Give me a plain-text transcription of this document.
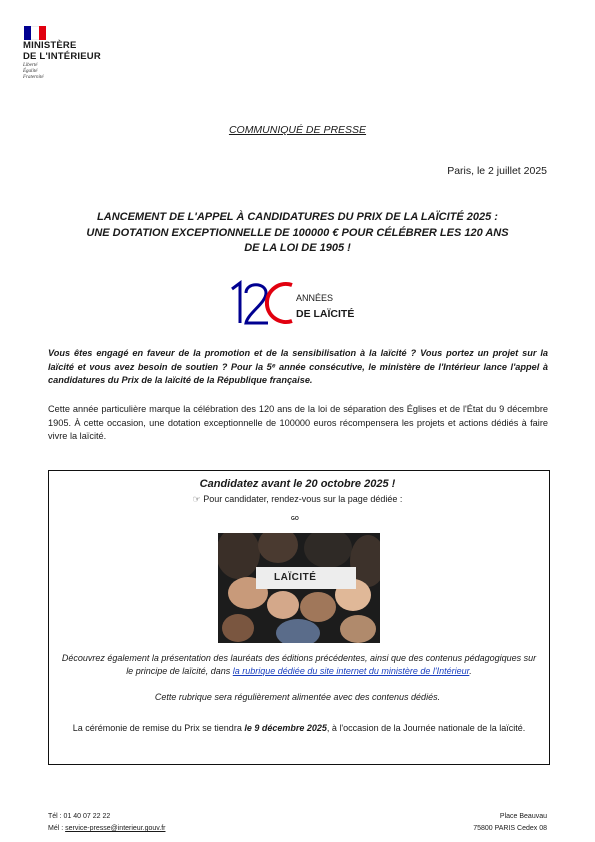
MINISTÈRE
DE L'INTÉRIEUR
Liberté
Égalité
Fraternité
COMMUNIQUÉ DE PRESSE
Paris, le 2 juillet 2025
LANCEMENT DE L'APPEL À CANDIDATURES DU PRIX DE LA LAÏCITÉ 2025 :
UNE DOTATION EXCEPTIONNELLE DE 100000 € POUR CÉLÉBRER LES 120 ANS
DE LA LOI DE 1905 !
ANNÉES
DE LAÏCITÉ
Vous êtes engagé en faveur de la promotion et de la sensibilisation à la laïcité ? Vous portez un projet sur la laïcité et vous avez besoin de soutien ? Pour la 5ᵉ année consécutive, le ministère de l'Intérieur lance l'appel à candidatures du Prix de la laïcité de la République française.
Cette année particulière marque la célébration des 120 ans de la loi de séparation des Églises et de l'État du 9 décembre 1905. À cette occasion, une dotation exceptionnelle de 100000 euros récompensera les projets et actions dédiés à faire vivre la laïcité.
Candidatez avant le 20 octobre 2025 !
☞ Pour candidater, rendez-vous sur la page dédiée :
GO
LAÏCITÉ
Découvrez également la présentation des lauréats des éditions précédentes, ainsi que des contenus pédagogiques sur le principe de laïcité, dans la rubrique dédiée du site internet du ministère de l'Intérieur.
Cette rubrique sera régulièrement alimentée avec des contenus dédiés.
La cérémonie de remise du Prix se tiendra le 9 décembre 2025, à l'occasion de la Journée nationale de la laïcité.
Tél : 01 40 07 22 22
Mél : service-presse@interieur.gouv.fr
Place Beauvau
75800 PARIS Cedex 08
